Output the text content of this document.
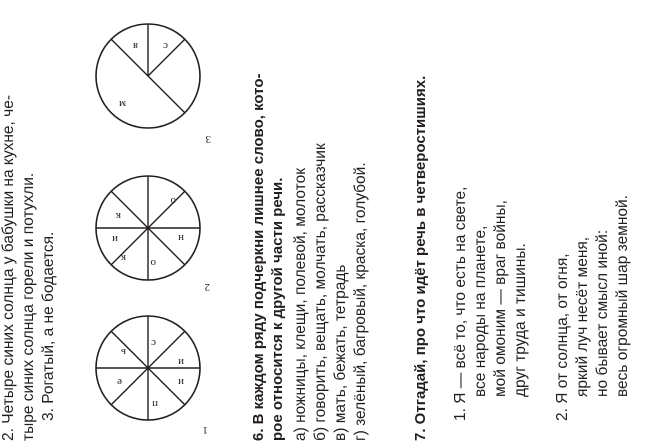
2. Четыре синих солнца у бабушки на кухне, че- тыре синих солнца горели и потухли. 3. Рогатый, а не бодается.	е
ь
с
и
и
п
1
и
к
о
н
о
к
2
м
я с
3	6. В каждом ряду подчеркни лишнее слово, кото- рое относится к другой части речи. а) ножницы, клещи, полевой, молоток б) говорить, вещать, молчать, рассказчик в) мать, бежать, тетрадь г) зелёный, багровый, краска, голубой.	7. Отгадай, про что идёт речь в четверостишиях. 1. Я — всё то, что есть на свете, все народы на планете, мой омоним — враг войны, друг труда и тишины. 2. Я от солнца, от огня, яркий луч несёт меня, но бывает смысл иной: весь огромный шар земной.
